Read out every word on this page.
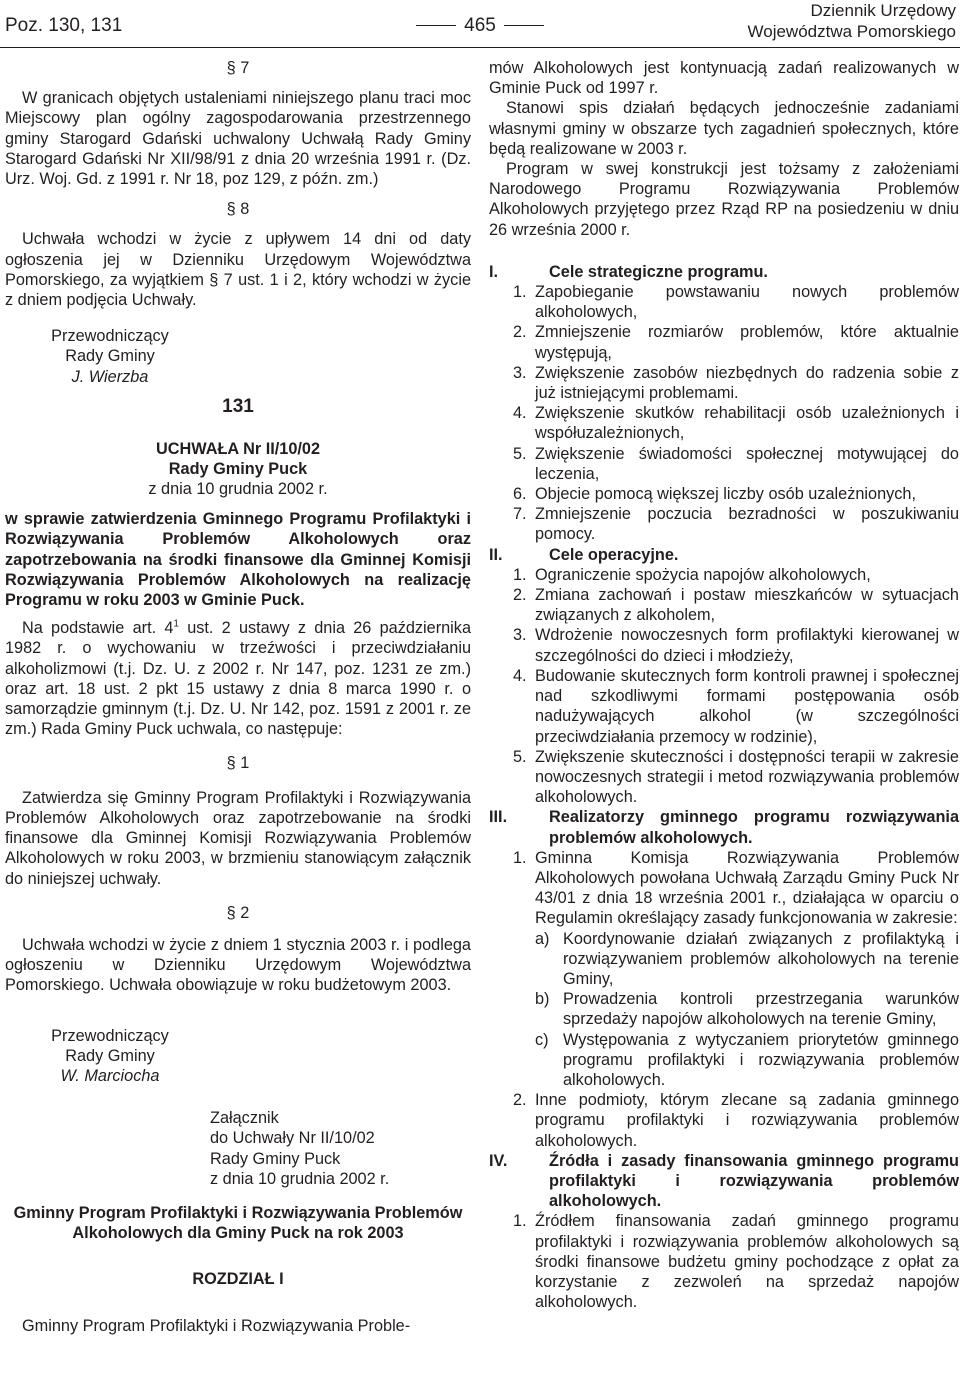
Poz. 130, 131	465
Dziennik Urzędowy
Województwa Pomorskiego

§ 7

W granicach objętych ustaleniami niniejszego planu traci moc Miejscowy plan ogólny zagospodarowania przestrzennego gminy Starogard Gdański uchwalony Uchwałą Rady Gminy Starogard Gdański Nr XII/98/91 z dnia 20 września 1991 r. (Dz. Urz. Woj. Gd. z 1991 r. Nr 18, poz 129, z późn. zm.)

§ 8

Uchwała wchodzi w życie z upływem 14 dni od daty ogłoszenia jej w Dzienniku Urzędowym Województwa Pomorskiego, za wyjątkiem § 7 ust. 1 i 2, który wchodzi w życie z dniem podjęcia Uchwały.

Przewodniczący
Rady Gminy
J. Wierzba
131
UCHWAŁA Nr II/10/02
Rady Gminy Puck
z dnia 10 grudnia 2002 r.

w sprawie zatwierdzenia Gminnego Programu Profilaktyki i Rozwiązywania Problemów Alkoholowych oraz zapotrzebowania na środki finansowe dla Gminnej Komisji Rozwiązywania Problemów Alkoholowych na realizację Programu w roku 2003 w Gminie Puck.

Na podstawie art. $4^1$ ust. 2 ustawy z dnia 26 października 1982 r. o wychowaniu w trzeźwości i przeciwdziałaniu alkoholizmowi (t.j. Dz. U. z 2002 r. Nr 147, poz. 1231 ze zm.) oraz art. 18 ust. 2 pkt 15 ustawy z dnia 8 marca 1990 r. o samorządzie gminnym (t.j. Dz. U. Nr 142, poz. 1591 z 2001 r. ze zm.) Rada Gminy Puck uchwala, co następuje:

§ 1

Zatwierdza się Gminny Program Profilaktyki i Rozwiązywania Problemów Alkoholowych oraz zapotrzebowanie na środki finansowe dla Gminnej Komisji Rozwiązywania Problemów Alkoholowych w roku 2003, w brzmieniu stanowiącym załącznik do niniejszej uchwały.

§ 2

Uchwała wchodzi w życie z dniem 1 stycznia 2003 r. i podlega ogłoszeniu w Dzienniku Urzędowym Województwa Pomorskiego. Uchwała obowiązuje w roku budżetowym 2003.

Przewodniczący
Rady Gminy
W. Marciocha
Załącznik
do Uchwały Nr II/10/02
Rady Gminy Puck
z dnia 10 grudnia 2002 r.

Gminny Program Profilaktyki i Rozwiązywania Problemów Alkoholowych dla Gminy Puck na rok 2003

ROZDZIAŁ I

Gminny Program Profilaktyki i Rozwiązywania Proble-

mów Alkoholowych jest kontynuacją zadań realizowanych w Gminie Puck od 1997 r.

Stanowi spis działań będących jednocześnie zadaniami własnymi gminy w obszarze tych zagadnień społecznych, które będą realizowane w 2003 r.

Program w swej konstrukcji jest tożsamy z założeniami Narodowego Programu Rozwiązywania Problemów Alkoholowych przyjętego przez Rząd RP na posiedzeniu w dniu 26 września 2000 r.

I.	Cele strategiczne programu.
1. Zapobieganie powstawaniu nowych problemów alkoholowych,
2. Zmniejszenie rozmiarów problemów, które aktualnie występują,
3. Zwiększenie zasobów niezbędnych do radzenia sobie z już istniejącymi problemami.
4. Zwiększenie skutków rehabilitacji osób uzależnionych i współuzależnionych,
5. Zwiększenie świadomości społecznej motywującej do leczenia,
6. Objecie pomocą większej liczby osób uzależnionych,
7. Zmniejszenie poczucia bezradności w poszukiwaniu pomocy.
II.	Cele operacyjne.
1. Ograniczenie spożycia napojów alkoholowych,
2. Zmiana zachowań i postaw mieszkańców w sytuacjach związanych z alkoholem,
3. Wdrożenie nowoczesnych form profilaktyki kierowanej w szczególności do dzieci i młodzieży,
4. Budowanie skutecznych form kontroli prawnej i społecznej nad szkodliwymi formami postępowania osób nadużywających alkohol (w szczególności przeciwdziałania przemocy w rodzinie),
5. Zwiększenie skuteczności i dostępności terapii w zakresie nowoczesnych strategii i metod rozwiązywania problemów alkoholowych.
III.	Realizatorzy gminnego programu rozwiązywania problemów alkoholowych.
1. Gminna Komisja Rozwiązywania Problemów Alkoholowych powołana Uchwałą Zarządu Gminy Puck Nr 43/01 z dnia 18 września 2001 r., działająca w oparciu o Regulamin określający zasady funkcjonowania w zakresie:
a) Koordynowanie działań związanych z profilaktyką i rozwiązywaniem problemów alkoholowych na terenie Gminy,
b) Prowadzenia kontroli przestrzegania warunków sprzedaży napojów alkoholowych na terenie Gminy,
c) Występowania z wytyczaniem priorytetów gminnego programu profilaktyki i rozwiązywania problemów alkoholowych.
2. Inne podmioty, którym zlecane są zadania gminnego programu profilaktyki i rozwiązywania problemów alkoholowych.
IV.	Źródła i zasady finansowania gminnego programu profilaktyki i rozwiązywania problemów alkoholowych.
1. Źródłem finansowania zadań gminnego programu profilaktyki i rozwiązywania problemów alkoholowych są środki finansowe budżetu gminy pochodzące z opłat za korzystanie z zezwoleń na sprzedaż napojów alkoholowych.
